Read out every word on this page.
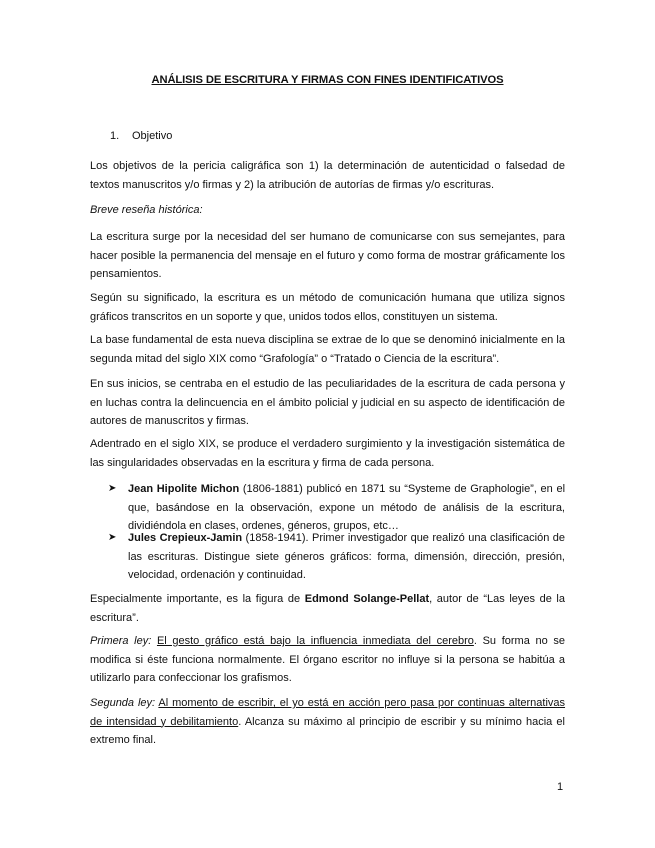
ANÁLISIS DE ESCRITURA Y FIRMAS CON FINES IDENTIFICATIVOS
1. Objetivo
Los objetivos de la pericia caligráfica son 1) la determinación de autenticidad o falsedad de textos manuscritos y/o firmas y 2) la atribución de autorías de firmas y/o escrituras.
Breve reseña histórica:
La escritura surge por la necesidad del ser humano de comunicarse con sus semejantes, para hacer posible la permanencia del mensaje en el futuro y como forma de mostrar gráficamente los pensamientos.
Según su significado, la escritura es un método de comunicación humana que utiliza signos gráficos transcritos en un soporte y que, unidos todos ellos, constituyen un sistema.
La base fundamental de esta nueva disciplina se extrae de lo que se denominó inicialmente en la segunda mitad del siglo XIX como “Grafología” o “Tratado o Ciencia de la escritura”.
En sus inicios, se centraba en el estudio de las peculiaridades de la escritura de cada persona y en luchas contra la delincuencia en el ámbito policial y judicial en su aspecto de identificación de autores de manuscritos y firmas.
Adentrado en el siglo XIX, se produce el verdadero surgimiento y la investigación sistemática de las singularidades observadas en la escritura y firma de cada persona.
➤ Jean Hipolite Michon (1806-1881) publicó en 1871 su “Systeme de Graphologie”, en el que, basándose en la observación, expone un método de análisis de la escritura, dividiéndola en clases, ordenes, géneros, grupos, etc…
➤ Jules Crepieux-Jamin (1858-1941). Primer investigador que realizó una clasificación de las escrituras. Distingue siete géneros gráficos: forma, dimensión, dirección, presión, velocidad, ordenación y continuidad.
Especialmente importante, es la figura de Edmond Solange-Pellat, autor de “Las leyes de la escritura”.
Primera ley: El gesto gráfico está bajo la influencia inmediata del cerebro. Su forma no se modifica si éste funciona normalmente. El órgano escritor no influye si la persona se habitúa a utilizarlo para confeccionar los grafismos.
Segunda ley: Al momento de escribir, el yo está en acción pero pasa por continuas alternativas de intensidad y debilitamiento. Alcanza su máximo al principio de escribir y su mínimo hacia el extremo final.
1
